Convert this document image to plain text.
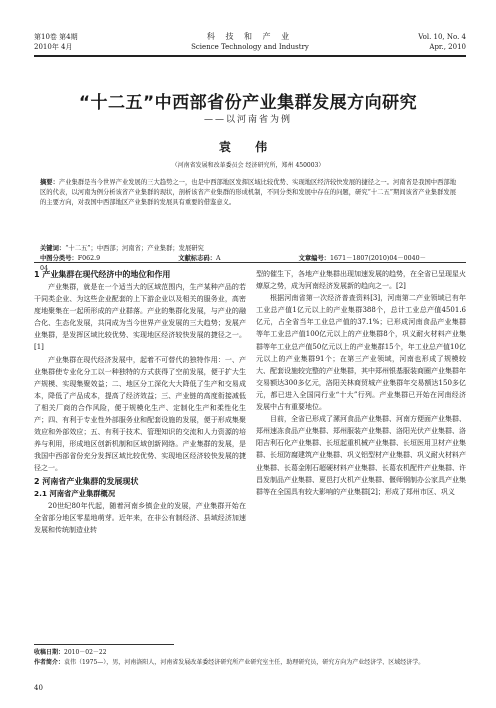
第10卷 第4期
2010年 4月
科 技 和 产 业
Science Technology and Industry
Vol. 10, No. 4
Apr., 2010
“十二五”中西部省份产业集群发展方向研究
——以河南省为例
袁 伟
（河南省发展和改革委员会 经济研究所，郑州 450003）
摘要：产业集群是当今世界产业发展的三大趋势之一，也是中西部地区发挥区域比较优势、实现地区经济较快发展的捷径之一。河南省是我国中西部地区的代表，以河南为例分析该省产业集群的现状，剖析该省产业集群的形成机制，不同分类和发展中存在的问题，研究“十二五”期间该省产业集群发展的主要方向，对我国中西部地区产业集群的发展具有重要的借鉴意义。
关键词：“十二五”；中西部；河南省；产业集群；发展研究
中图分类号：F062.9	文献标志码：A	文章编号：1671－1807(2010)04－0040－04
1 产业集群在现代经济中的地位和作用

产业集群，就是在一个适当大的区域范围内，生产某种产品的若干同类企业、为这些企业配套的上下游企业以及相关的服务业，高密度地聚集在一起所形成的产业群落。产业的集群化发展，与产业的融合化、生态化发展，共同成为当今世界产业发展的三大趋势；发展产业集群，是发挥区域比较优势、实现地区经济较快发展的捷径之一。[1]

产业集群在现代经济发展中，起着不可替代的独特作用：一、产业集群使专业化分工以一种独特的方式获得了空前发展，便于扩大生产规模、实现集聚效益；二、地区分工深化大大降低了生产和交易成本，降低了产品成本，提高了经济效益；三、产业链的高度衔接减低了相关厂商的合作风险，便于规模化生产、定制化生产和柔性化生产；四、有利于专业性外部服务业和配套设施的发展，便于形成集聚效应和外部效应；五、有利于技术、管理知识的交流和人力资源的培养与利用，形成地区创新机制和区域创新网络。产业集群的发展，是我国中西部省份充分发挥区域比较优势、实现地区经济较快发展的捷径之一。

2 河南省产业集群的发展现状
2.1 河南省产业集群概况

20世纪80年代起，随着河南乡镇企业的发展，产业集群开始在全省部分地区零星地萌芽。近年来，在非公有制经济、县域经济加速发展和传统制造业转

型的催生下，各地产业集群出现加速发展的趋势，在全省已呈现星火燎原之势，成为河南经济发展新的趋向之一。[2]

根据河南省第一次经济普查资料[3]，河南第二产业领域已有年工业总产值1亿元以上的产业集群388个，总计工业总产值4501.6亿元，占全省当年工业总产值的37.1%；已形成河南食品产业集群等年工业总产值100亿元以上的产业集群8个，巩义耐火材料产业集群等年工业总产值50亿元以上的产业集群15个，年工业总产值10亿元以上的产业集群91个；在第三产业领域，河南也形成了规模较大、配套设施较完整的产业集群，其中郑州银基服装商圈产业集群年交易额达300多亿元，洛阳关林商贸城产业集群年交易额达150多亿元，都已进入全国同行业“十大”行列。产业集群已开始在河南经济发展中占有重要地位。

目前，全省已形成了漯河食品产业集群、河南方便面产业集群、郑州速冻食品产业集群、郑州服装产业集群、洛阳光伏产业集群、洛阳吉利石化产业集群、长垣起重机械产业集群、长垣医用卫材产业集群、长垣防腐建筑产业集群、巩义铝型材产业集群、巩义耐火材料产业集群、长葛金刚石超硬材料产业集群、长葛农机配件产业集群、许昌发制品产业集群、夏邑打火机产业集群、偃师钢制办公家具产业集群等在全国具有较大影响的产业集群[2]；形成了郑州市区、巩义

收稿日期：2010－02－22
作者简介：袁伟（1975—），男，河南洛阳人，河南省发展改革委经济研究所产业研究室主任，助理研究员，研究方向为产业经济学、区域经济学。
40
